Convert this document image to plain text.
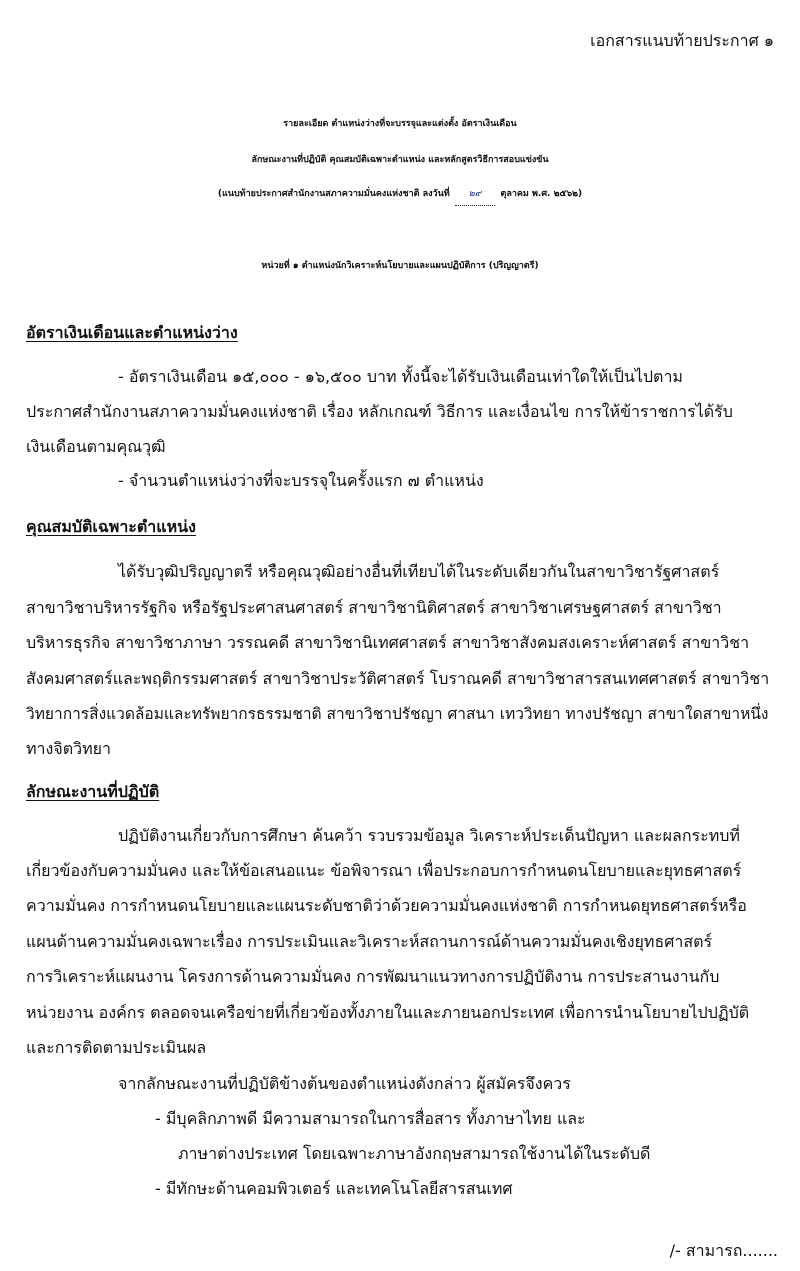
เอกสารแนบท้ายประกาศ ๑
รายละเอียด ตำแหน่งว่างที่จะบรรจุและแต่งตั้ง อัตราเงินเดือน
ลักษณะงานที่ปฏิบัติ คุณสมบัติเฉพาะตำแหน่ง และหลักสูตรวิธีการสอบแข่งขัน
(แนบท้ายประกาศสำนักงานสภาความมั่นคงแห่งชาติ ลงวันที่ ๒๙ ตุลาคม พ.ศ. ๒๕๖๒)
หน่วยที่ ๑ ตำแหน่งนักวิเคราะห์นโยบายและแผนปฏิบัติการ (ปริญญาตรี)
อัตราเงินเดือนและตำแหน่งว่าง
- อัตราเงินเดือน ๑๕,๐๐๐ - ๑๖,๕๐๐ บาท ทั้งนี้จะได้รับเงินเดือนเท่าใดให้เป็นไปตาม
ประกาศสำนักงานสภาความมั่นคงแห่งชาติ เรื่อง หลักเกณฑ์ วิธีการ และเงื่อนไข การให้ข้าราชการได้รับ
เงินเดือนตามคุณวุฒิ
- จำนวนตำแหน่งว่างที่จะบรรจุในครั้งแรก ๗ ตำแหน่ง
คุณสมบัติเฉพาะตำแหน่ง
ได้รับวุฒิปริญญาตรี หรือคุณวุฒิอย่างอื่นที่เทียบได้ในระดับเดียวกันในสาขาวิชารัฐศาสตร์
สาขาวิชาบริหารรัฐกิจ หรือรัฐประศาสนศาสตร์ สาขาวิชานิติศาสตร์ สาขาวิชาเศรษฐศาสตร์ สาขาวิชา
บริหารธุรกิจ สาขาวิชาภาษา วรรณคดี สาขาวิชานิเทศศาสตร์ สาขาวิชาสังคมสงเคราะห์ศาสตร์ สาขาวิชา
สังคมศาสตร์และพฤติกรรมศาสตร์ สาขาวิชาประวัติศาสตร์ โบราณคดี สาขาวิชาสารสนเทศศาสตร์ สาขาวิชา
วิทยาการสิ่งแวดล้อมและทรัพยากรธรรมชาติ สาขาวิชาปรัชญา ศาสนา เทววิทยา ทางปรัชญา สาขาใดสาขาหนึ่ง
ทางจิตวิทยา
ลักษณะงานที่ปฏิบัติ
ปฏิบัติงานเกี่ยวกับการศึกษา ค้นคว้า รวบรวมข้อมูล วิเคราะห์ประเด็นปัญหา และผลกระทบที่
เกี่ยวข้องกับความมั่นคง และให้ข้อเสนอแนะ ข้อพิจารณา เพื่อประกอบการกำหนดนโยบายและยุทธศาสตร์
ความมั่นคง การกำหนดนโยบายและแผนระดับชาติว่าด้วยความมั่นคงแห่งชาติ การกำหนดยุทธศาสตร์หรือ
แผนด้านความมั่นคงเฉพาะเรื่อง การประเมินและวิเคราะห์สถานการณ์ด้านความมั่นคงเชิงยุทธศาสตร์
การวิเคราะห์แผนงาน โครงการด้านความมั่นคง การพัฒนาแนวทางการปฏิบัติงาน การประสานงานกับ
หน่วยงาน องค์กร ตลอดจนเครือข่ายที่เกี่ยวข้องทั้งภายในและภายนอกประเทศ เพื่อการนำนโยบายไปปฏิบัติ
และการติดตามประเมินผล
จากลักษณะงานที่ปฏิบัติข้างต้นของตำแหน่งดังกล่าว ผู้สมัครจึงควร
- มีบุคลิกภาพดี มีความสามารถในการสื่อสาร ทั้งภาษาไทย และ
ภาษาต่างประเทศ โดยเฉพาะภาษาอังกฤษสามารถใช้งานได้ในระดับดี
- มีทักษะด้านคอมพิวเตอร์ และเทคโนโลยีสารสนเทศ
/- สามารถ.......
